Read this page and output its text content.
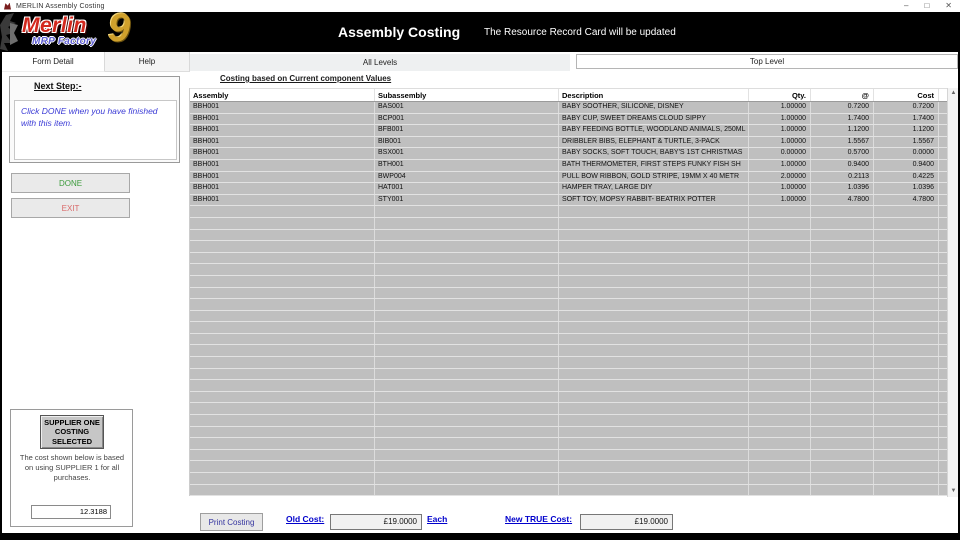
MERLIN Assembly Costing	– □ ✕
Merlin
MRP Factory 9	Assembly Costing The Resource Record Card will be updated
Form Detail	Help	All Levels	Top Level
Costing based on Current component Values
Next Step:-
Click DONE when you have finished with this item.
DONE
EXIT
SUPPLIER ONE
COSTING
SELECTED
The cost shown below is based on using SUPPLIER 1 for all purchases.
12.3188
Assembly	Subassembly	Description	Qty.	@	Cost
BBH001	BAS001	BABY SOOTHER, SILICONE, DISNEY	1.00000	0.7200	0.7200
BBH001	BCP001	BABY CUP, SWEET DREAMS CLOUD SIPPY	1.00000	1.7400	1.7400
BBH001	BFB001	BABY FEEDING BOTTLE, WOODLAND ANIMALS, 250ML	1.00000	1.1200	1.1200
BBH001	BIB001	DRIBBLER BIBS, ELEPHANT & TURTLE, 3-PACK	1.00000	1.5567	1.5567
BBH001	BSX001	BABY SOCKS, SOFT TOUCH, BABY'S 1ST CHRISTMAS	0.00000	0.5700	0.0000
BBH001	BTH001	BATH THERMOMETER, FIRST STEPS FUNKY FISH SH	1.00000	0.9400	0.9400
BBH001	BWP004	PULL BOW RIBBON, GOLD STRIPE, 19MM X 40 METR	2.00000	0.2113	0.4225
BBH001	HAT001	HAMPER TRAY, LARGE DIY	1.00000	1.0396	1.0396
BBH001	STY001	SOFT TOY, MOPSY RABBIT- BEATRIX POTTER	1.00000	4.7800	4.7800
▲
▼
Print Costing	Old Cost:	£19.0000	Each	New TRUE Cost:	£19.0000
